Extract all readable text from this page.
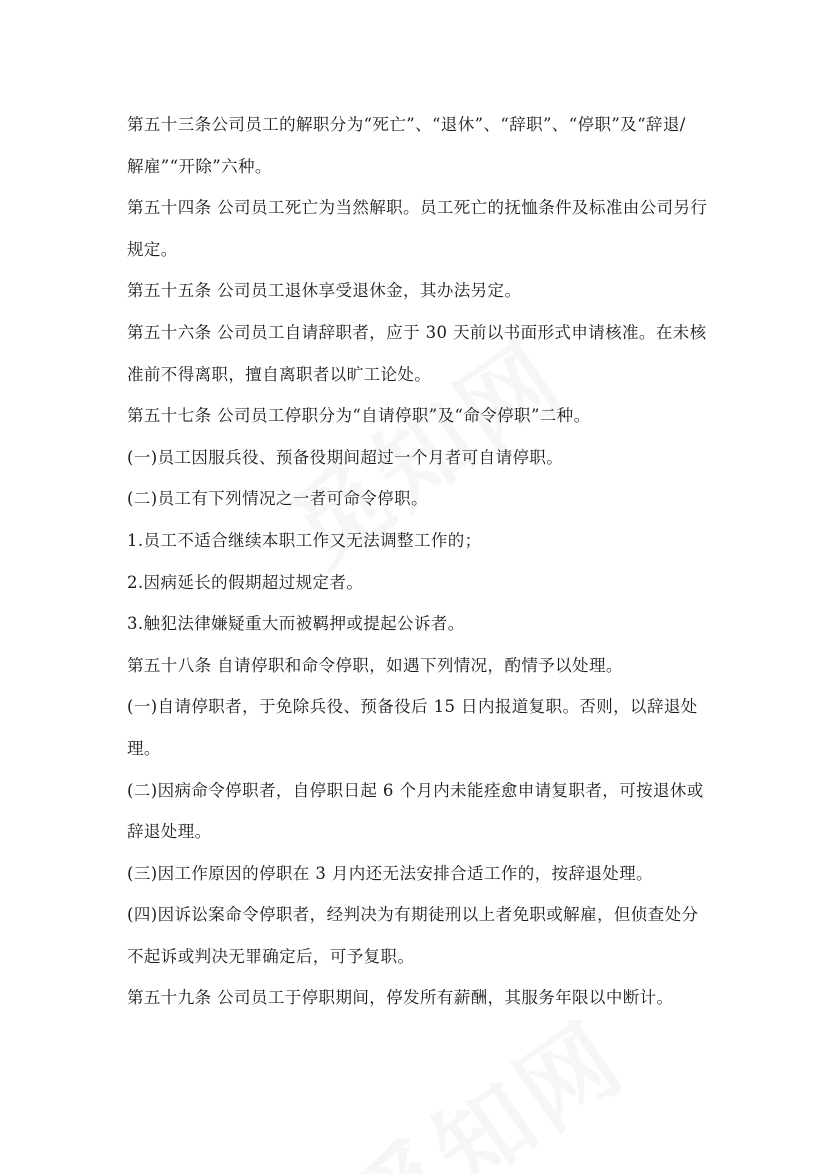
第五十三条公司员工的解职分为“死亡”、“退休”、“辞职”、“停职”及“辞退/
解雇”“开除”六种。
第五十四条 公司员工死亡为当然解职。员工死亡的抚恤条件及标准由公司另行
规定。
第五十五条 公司员工退休享受退休金，其办法另定。
第五十六条 公司员工自请辞职者，应于 30 天前以书面形式申请核准。在未核
准前不得离职，擅自离职者以旷工论处。
第五十七条 公司员工停职分为“自请停职”及“命令停职”二种。
(一)员工因服兵役、预备役期间超过一个月者可自请停职。
(二)员工有下列情况之一者可命令停职。
1.员工不适合继续本职工作又无法调整工作的；
2.因病延长的假期超过规定者。
3.触犯法律嫌疑重大而被羁押或提起公诉者。
第五十八条 自请停职和命令停职，如遇下列情况，酌情予以处理。
(一)自请停职者，于免除兵役、预备役后 15 日内报道复职。否则，以辞退处
理。
(二)因病命令停职者，自停职日起 6 个月内未能痊愈申请复职者，可按退休或
辞退处理。
(三)因工作原因的停职在 3 月内还无法安排合适工作的，按辞退处理。
(四)因诉讼案命令停职者，经判决为有期徒刑以上者免职或解雇，但侦查处分
不起诉或判决无罪确定后，可予复职。
第五十九条 公司员工于停职期间，停发所有薪酬，其服务年限以中断计。
